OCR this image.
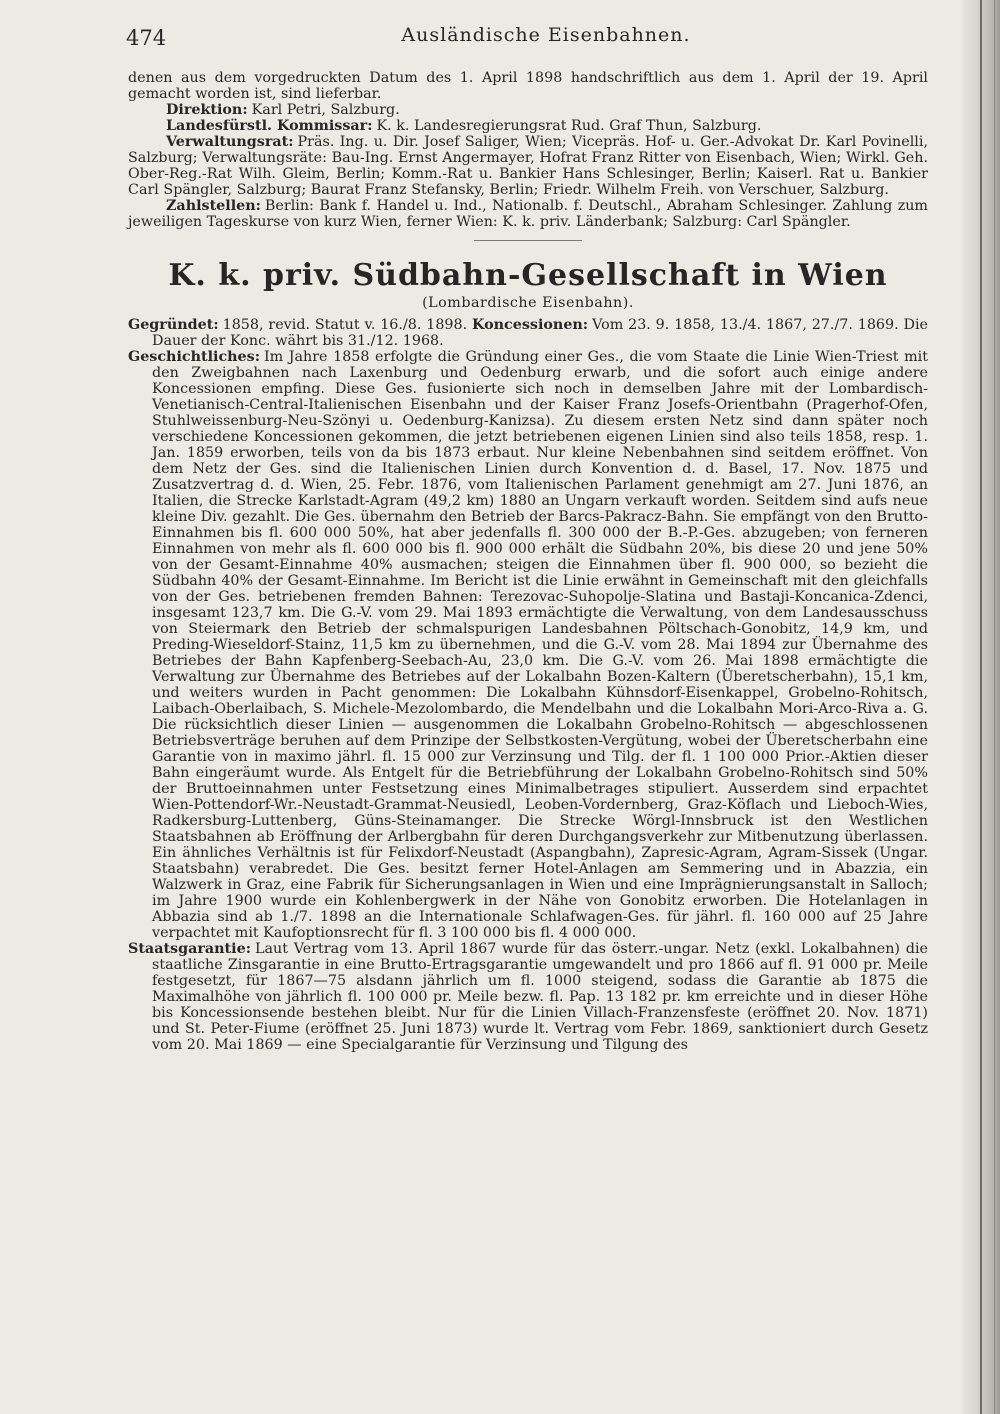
474	Ausländische Eisenbahnen.

denen aus dem vorgedruckten Datum des 1. April 1898 handschriftlich aus dem 1. April der 19. April gemacht worden ist, sind lieferbar.

Direktion: Karl Petri, Salzburg.

Landesfürstl. Kommissar: K. k. Landesregierungsrat Rud. Graf Thun, Salzburg.

Verwaltungsrat: Präs. Ing. u. Dir. Josef Saliger, Wien; Vicepräs. Hof- u. Ger.-Advokat Dr. Karl Povinelli, Salzburg; Verwaltungsräte: Bau-Ing. Ernst Angermayer, Hofrat Franz Ritter von Eisenbach, Wien; Wirkl. Geh. Ober-Reg.-Rat Wilh. Gleim, Berlin; Komm.-Rat u. Bankier Hans Schlesinger, Berlin; Kaiserl. Rat u. Bankier Carl Spängler, Salzburg; Baurat Franz Stefansky, Berlin; Friedr. Wilhelm Freih. von Verschuer, Salzburg.

Zahlstellen: Berlin: Bank f. Handel u. Ind., Nationalb. f. Deutschl., Abraham Schlesinger. Zahlung zum jeweiligen Tageskurse von kurz Wien, ferner Wien: K. k. priv. Länderbank; Salzburg: Carl Spängler.

K. k. priv. Südbahn-Gesellschaft in Wien
(Lombardische Eisenbahn).

Gegründet: 1858, revid. Statut v. 16./8. 1898. Koncessionen: Vom 23. 9. 1858, 13./4. 1867, 27./7. 1869. Die Dauer der Konc. währt bis 31./12. 1968.

Geschichtliches: Im Jahre 1858 erfolgte die Gründung einer Ges., die vom Staate die Linie Wien-Triest mit den Zweigbahnen nach Laxenburg und Oedenburg erwarb, und die sofort auch einige andere Koncessionen empfing. Diese Ges. fusionierte sich noch in demselben Jahre mit der Lombardisch-Venetianisch-Central-Italienischen Eisenbahn und der Kaiser Franz Josefs-Orientbahn (Pragerhof-Ofen, Stuhlweissenburg-Neu-Szönyi u. Oedenburg-Kanizsa). Zu diesem ersten Netz sind dann später noch verschiedene Koncessionen gekommen, die jetzt betriebenen eigenen Linien sind also teils 1858, resp. 1. Jan. 1859 erworben, teils von da bis 1873 erbaut. Nur kleine Nebenbahnen sind seitdem eröffnet. Von dem Netz der Ges. sind die Italienischen Linien durch Konvention d. d. Basel, 17. Nov. 1875 und Zusatzvertrag d. d. Wien, 25. Febr. 1876, vom Italienischen Parlament genehmigt am 27. Juni 1876, an Italien, die Strecke Karlstadt-Agram (49,2 km) 1880 an Ungarn verkauft worden. Seitdem sind aufs neue kleine Div. gezahlt. Die Ges. übernahm den Betrieb der Barcs-Pakracz-Bahn. Sie empfängt von den Brutto-Einnahmen bis fl. 600 000 50%, hat aber jedenfalls fl. 300 000 der B.-P.-Ges. abzugeben; von ferneren Einnahmen von mehr als fl. 600 000 bis fl. 900 000 erhält die Südbahn 20%, bis diese 20 und jene 50% von der Gesamt-Einnahme 40% ausmachen; steigen die Einnahmen über fl. 900 000, so bezieht die Südbahn 40% der Gesamt-Einnahme. Im Bericht ist die Linie erwähnt in Gemeinschaft mit den gleichfalls von der Ges. betriebenen fremden Bahnen: Terezovac-Suhopolje-Slatina und Bastaji-Koncanica-Zdenci, insgesamt 123,7 km. Die G.-V. vom 29. Mai 1893 ermächtigte die Verwaltung, von dem Landesausschuss von Steiermark den Betrieb der schmalspurigen Landesbahnen Pöltschach-Gonobitz, 14,9 km, und Preding-Wieseldorf-Stainz, 11,5 km zu übernehmen, und die G.-V. vom 28. Mai 1894 zur Übernahme des Betriebes der Bahn Kapfenberg-Seebach-Au, 23,0 km. Die G.-V. vom 26. Mai 1898 ermächtigte die Verwaltung zur Übernahme des Betriebes auf der Lokalbahn Bozen-Kaltern (Überetscherbahn), 15,1 km, und weiters wurden in Pacht genommen: Die Lokalbahn Kühnsdorf-Eisenkappel, Grobelno-Rohitsch, Laibach-Oberlaibach, S. Michele-Mezolombardo, die Mendelbahn und die Lokalbahn Mori-Arco-Riva a. G. Die rücksichtlich dieser Linien — ausgenommen die Lokalbahn Grobelno-Rohitsch — abgeschlossenen Betriebsverträge beruhen auf dem Prinzipe der Selbstkosten-Vergütung, wobei der Überetscherbahn eine Garantie von in maximo jährl. fl. 15 000 zur Verzinsung und Tilg. der fl. 1 100 000 Prior.-Aktien dieser Bahn eingeräumt wurde. Als Entgelt für die Betriebführung der Lokalbahn Grobelno-Rohitsch sind 50% der Bruttoeinnahmen unter Festsetzung eines Minimalbetrages stipuliert. Ausserdem sind erpachtet Wien-Pottendorf-Wr.-Neustadt-Grammat-Neusiedl, Leoben-Vordernberg, Graz-Köflach und Lieboch-Wies, Radkersburg-Luttenberg, Güns-Steinamanger. Die Strecke Wörgl-Innsbruck ist den Westlichen Staatsbahnen ab Eröffnung der Arlbergbahn für deren Durchgangsverkehr zur Mitbenutzung überlassen. Ein ähnliches Verhältnis ist für Felixdorf-Neustadt (Aspangbahn), Zapresic-Agram, Agram-Sissek (Ungar. Staatsbahn) verabredet. Die Ges. besitzt ferner Hotel-Anlagen am Semmering und in Abazzia, ein Walzwerk in Graz, eine Fabrik für Sicherungsanlagen in Wien und eine Imprägnierungsanstalt in Salloch; im Jahre 1900 wurde ein Kohlenbergwerk in der Nähe von Gonobitz erworben. Die Hotelanlagen in Abbazia sind ab 1./7. 1898 an die Internationale Schlafwagen-Ges. für jährl. fl. 160 000 auf 25 Jahre verpachtet mit Kaufoptionsrecht für fl. 3 100 000 bis fl. 4 000 000.

Staatsgarantie: Laut Vertrag vom 13. April 1867 wurde für das österr.-ungar. Netz (exkl. Lokalbahnen) die staatliche Zinsgarantie in eine Brutto-Ertragsgarantie umgewandelt und pro 1866 auf fl. 91 000 pr. Meile festgesetzt, für 1867—75 alsdann jährlich um fl. 1000 steigend, sodass die Garantie ab 1875 die Maximalhöhe von jährlich fl. 100 000 pr. Meile bezw. fl. Pap. 13 182 pr. km erreichte und in dieser Höhe bis Koncessionsende bestehen bleibt. Nur für die Linien Villach-Franzensfeste (eröffnet 20. Nov. 1871) und St. Peter-Fiume (eröffnet 25. Juni 1873) wurde lt. Vertrag vom Febr. 1869, sanktioniert durch Gesetz vom 20. Mai 1869 — eine Specialgarantie für Verzinsung und Tilgung des
